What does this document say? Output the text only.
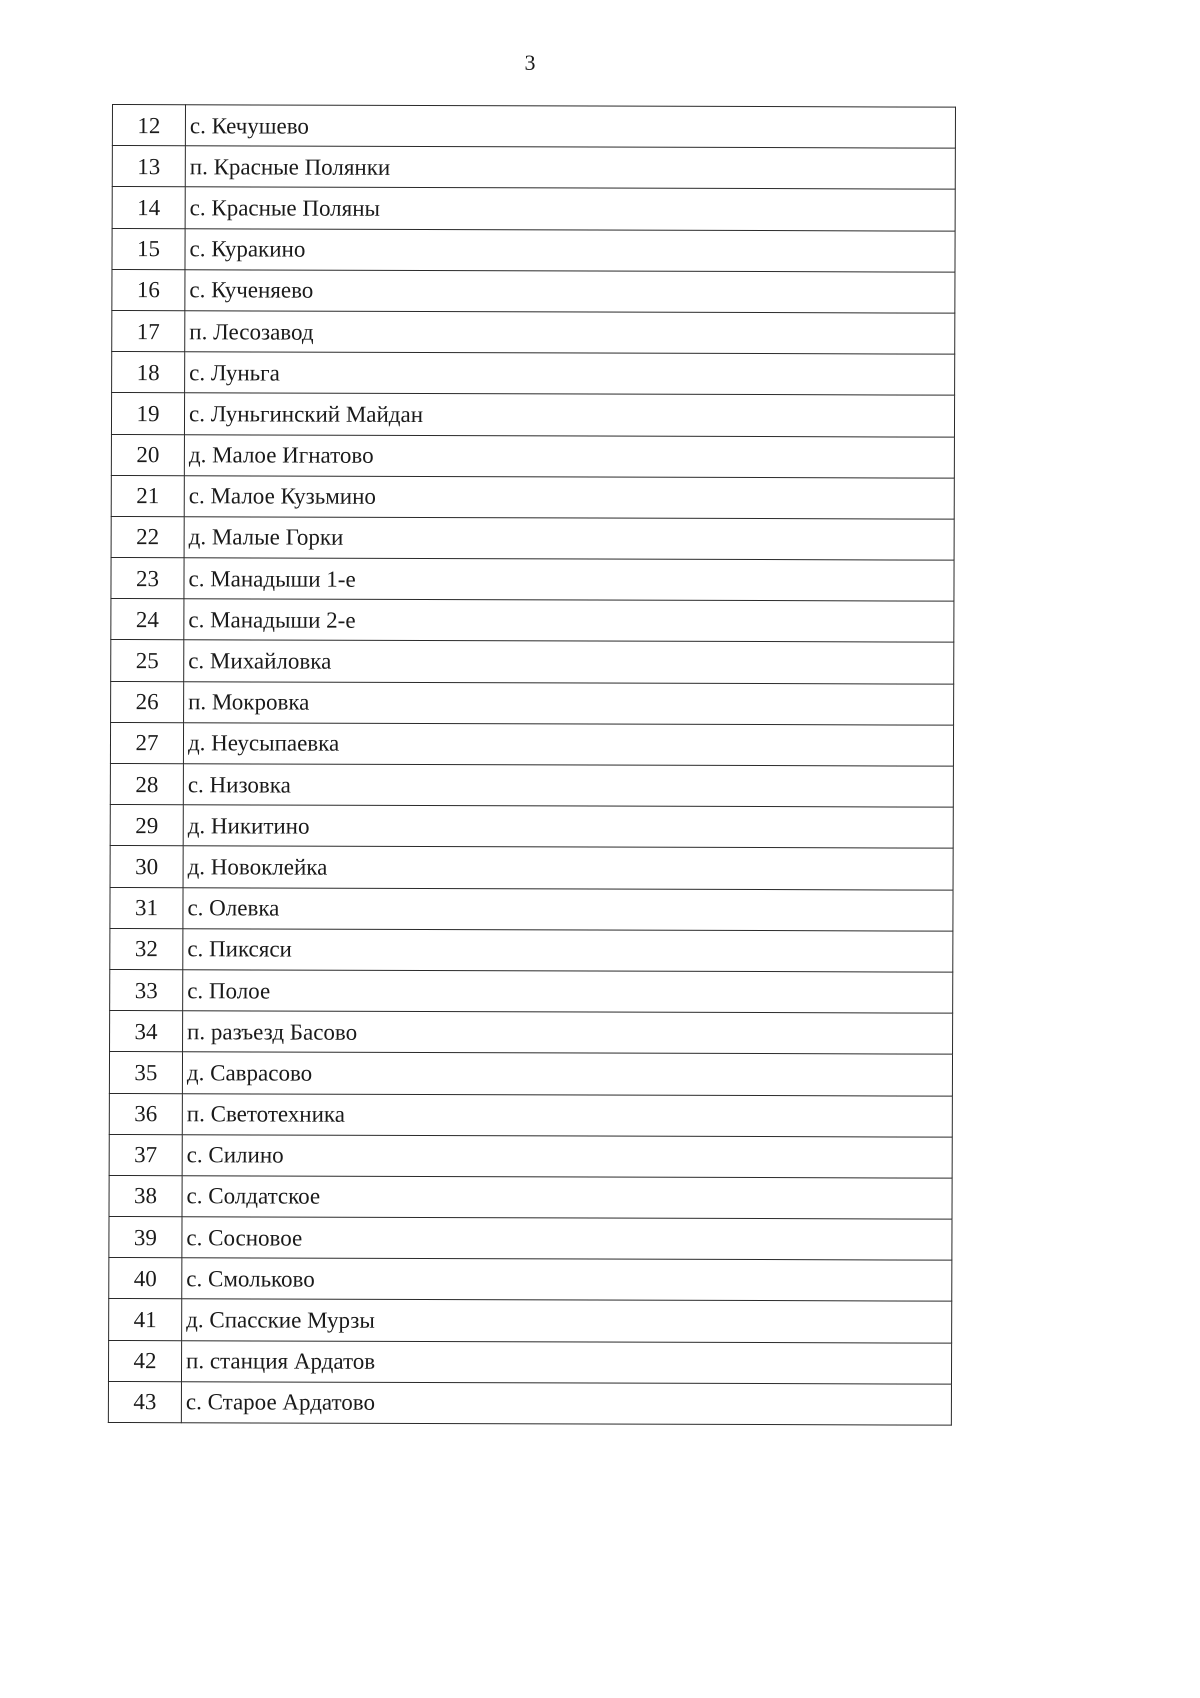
3
12	с. Кечушево
13	п. Красные Полянки
14	с. Красные Поляны
15	с. Куракино
16	с. Кученяево
17	п. Лесозавод
18	с. Луньга
19	с. Луньгинский Майдан
20	д. Малое Игнатово
21	с. Малое Кузьмино
22	д. Малые Горки
23	с. Манадыши 1-е
24	с. Манадыши 2-е
25	с. Михайловка
26	п. Мокровка
27	д. Неусыпаевка
28	с. Низовка
29	д. Никитино
30	д. Новоклейка
31	с. Олевка
32	с. Пиксяси
33	с. Полое
34	п. разъезд Басово
35	д. Саврасово
36	п. Светотехника
37	с. Силино
38	с. Солдатское
39	с. Сосновое
40	с. Смольково
41	д. Спасские Мурзы
42	п. станция Ардатов
43	с. Старое Ардатово
